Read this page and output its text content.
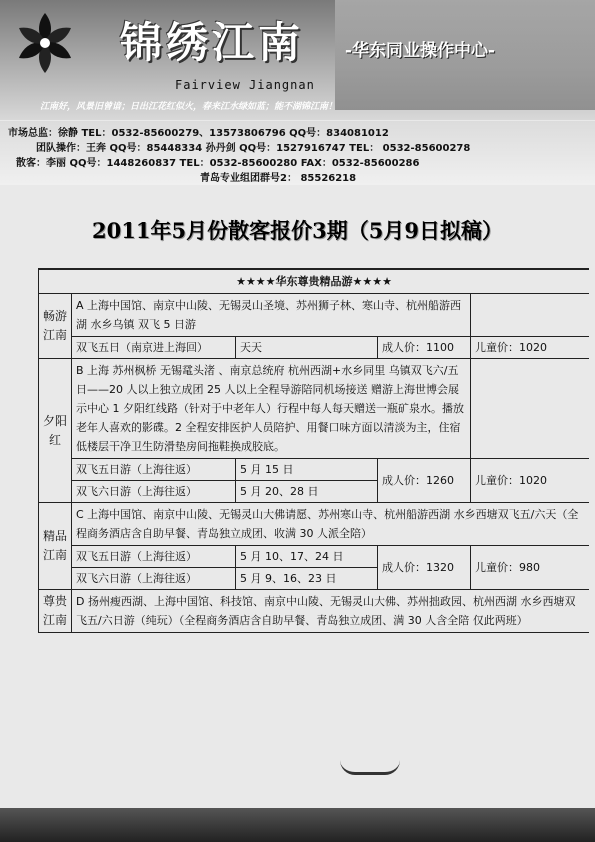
锦绣江南 -华东同业操作中心-
Fairview Jiangnan
江南好，风景旧曾谙；日出江花红似火，春来江水绿如蓝；能不湖锦江南！
市场总监：徐静 TEL：0532-85600279、13573806796 QQ号：834081012
团队操作：王奔 QQ号：85448334 孙丹剑 QQ号：1527916747 TEL： 0532-85600278
散客：李丽 QQ号：1448260837 TEL：0532-85600280 FAX：0532-85600286
青岛专业组团群号2： 85526218
2011年5月份散客报价3期（5月9日拟稿）
★★★★华东尊贵精品游★★★★				
畅游江南	A 上海中国馆、南京中山陵、无锡灵山圣境、苏州狮子林、寒山寺、杭州船游西湖 水乡乌镇 双飞 5 日游			
	双飞五日（南京进上海回）	天天	成人价：1100	儿童价：1020
夕阳红	B 上海 苏州枫桥 无锡鼋头渚 、南京总统府 杭州西湖+水乡同里 乌镇双飞六/五日——20 人以上独立成团 25 人以上全程导游陪同机场接送 赠游上海世博会展示中心 1 夕阳红线路（针对于中老年人）行程中每人每天赠送一瓶矿泉水。播放老年人喜欢的影碟。2 全程安排医护人员陪护、用餐口味方面以清淡为主，住宿低楼层干净卫生防滑垫房间拖鞋换成胶底。			
	双飞五日游（上海往返）	5 月 15 日	成人价：1260	儿童价：1020
	双飞六日游（上海往返）	5 月 20、28 日		
精品江南	C 上海中国馆、南京中山陵、无锡灵山大佛请愿、苏州寒山寺、杭州船游西湖 水乡西塘双飞五/六天（全程商务酒店含自助早餐、青岛独立成团、收满 30 人派全陪）			
	双飞五日游（上海往返）	5 月 10、17、24 日	成人价：1320	儿童价：980
	双飞六日游（上海往返）	5 月 9、16、23 日		
尊贵江南	D 扬州瘦西湖、上海中国馆、科技馆、南京中山陵、无锡灵山大佛、苏州拙政园、杭州西湖 水乡西塘双飞五/六日游（纯玩）（全程商务酒店含自助早餐、青岛独立成团、满 30 人含全陪 仅此两班）			
